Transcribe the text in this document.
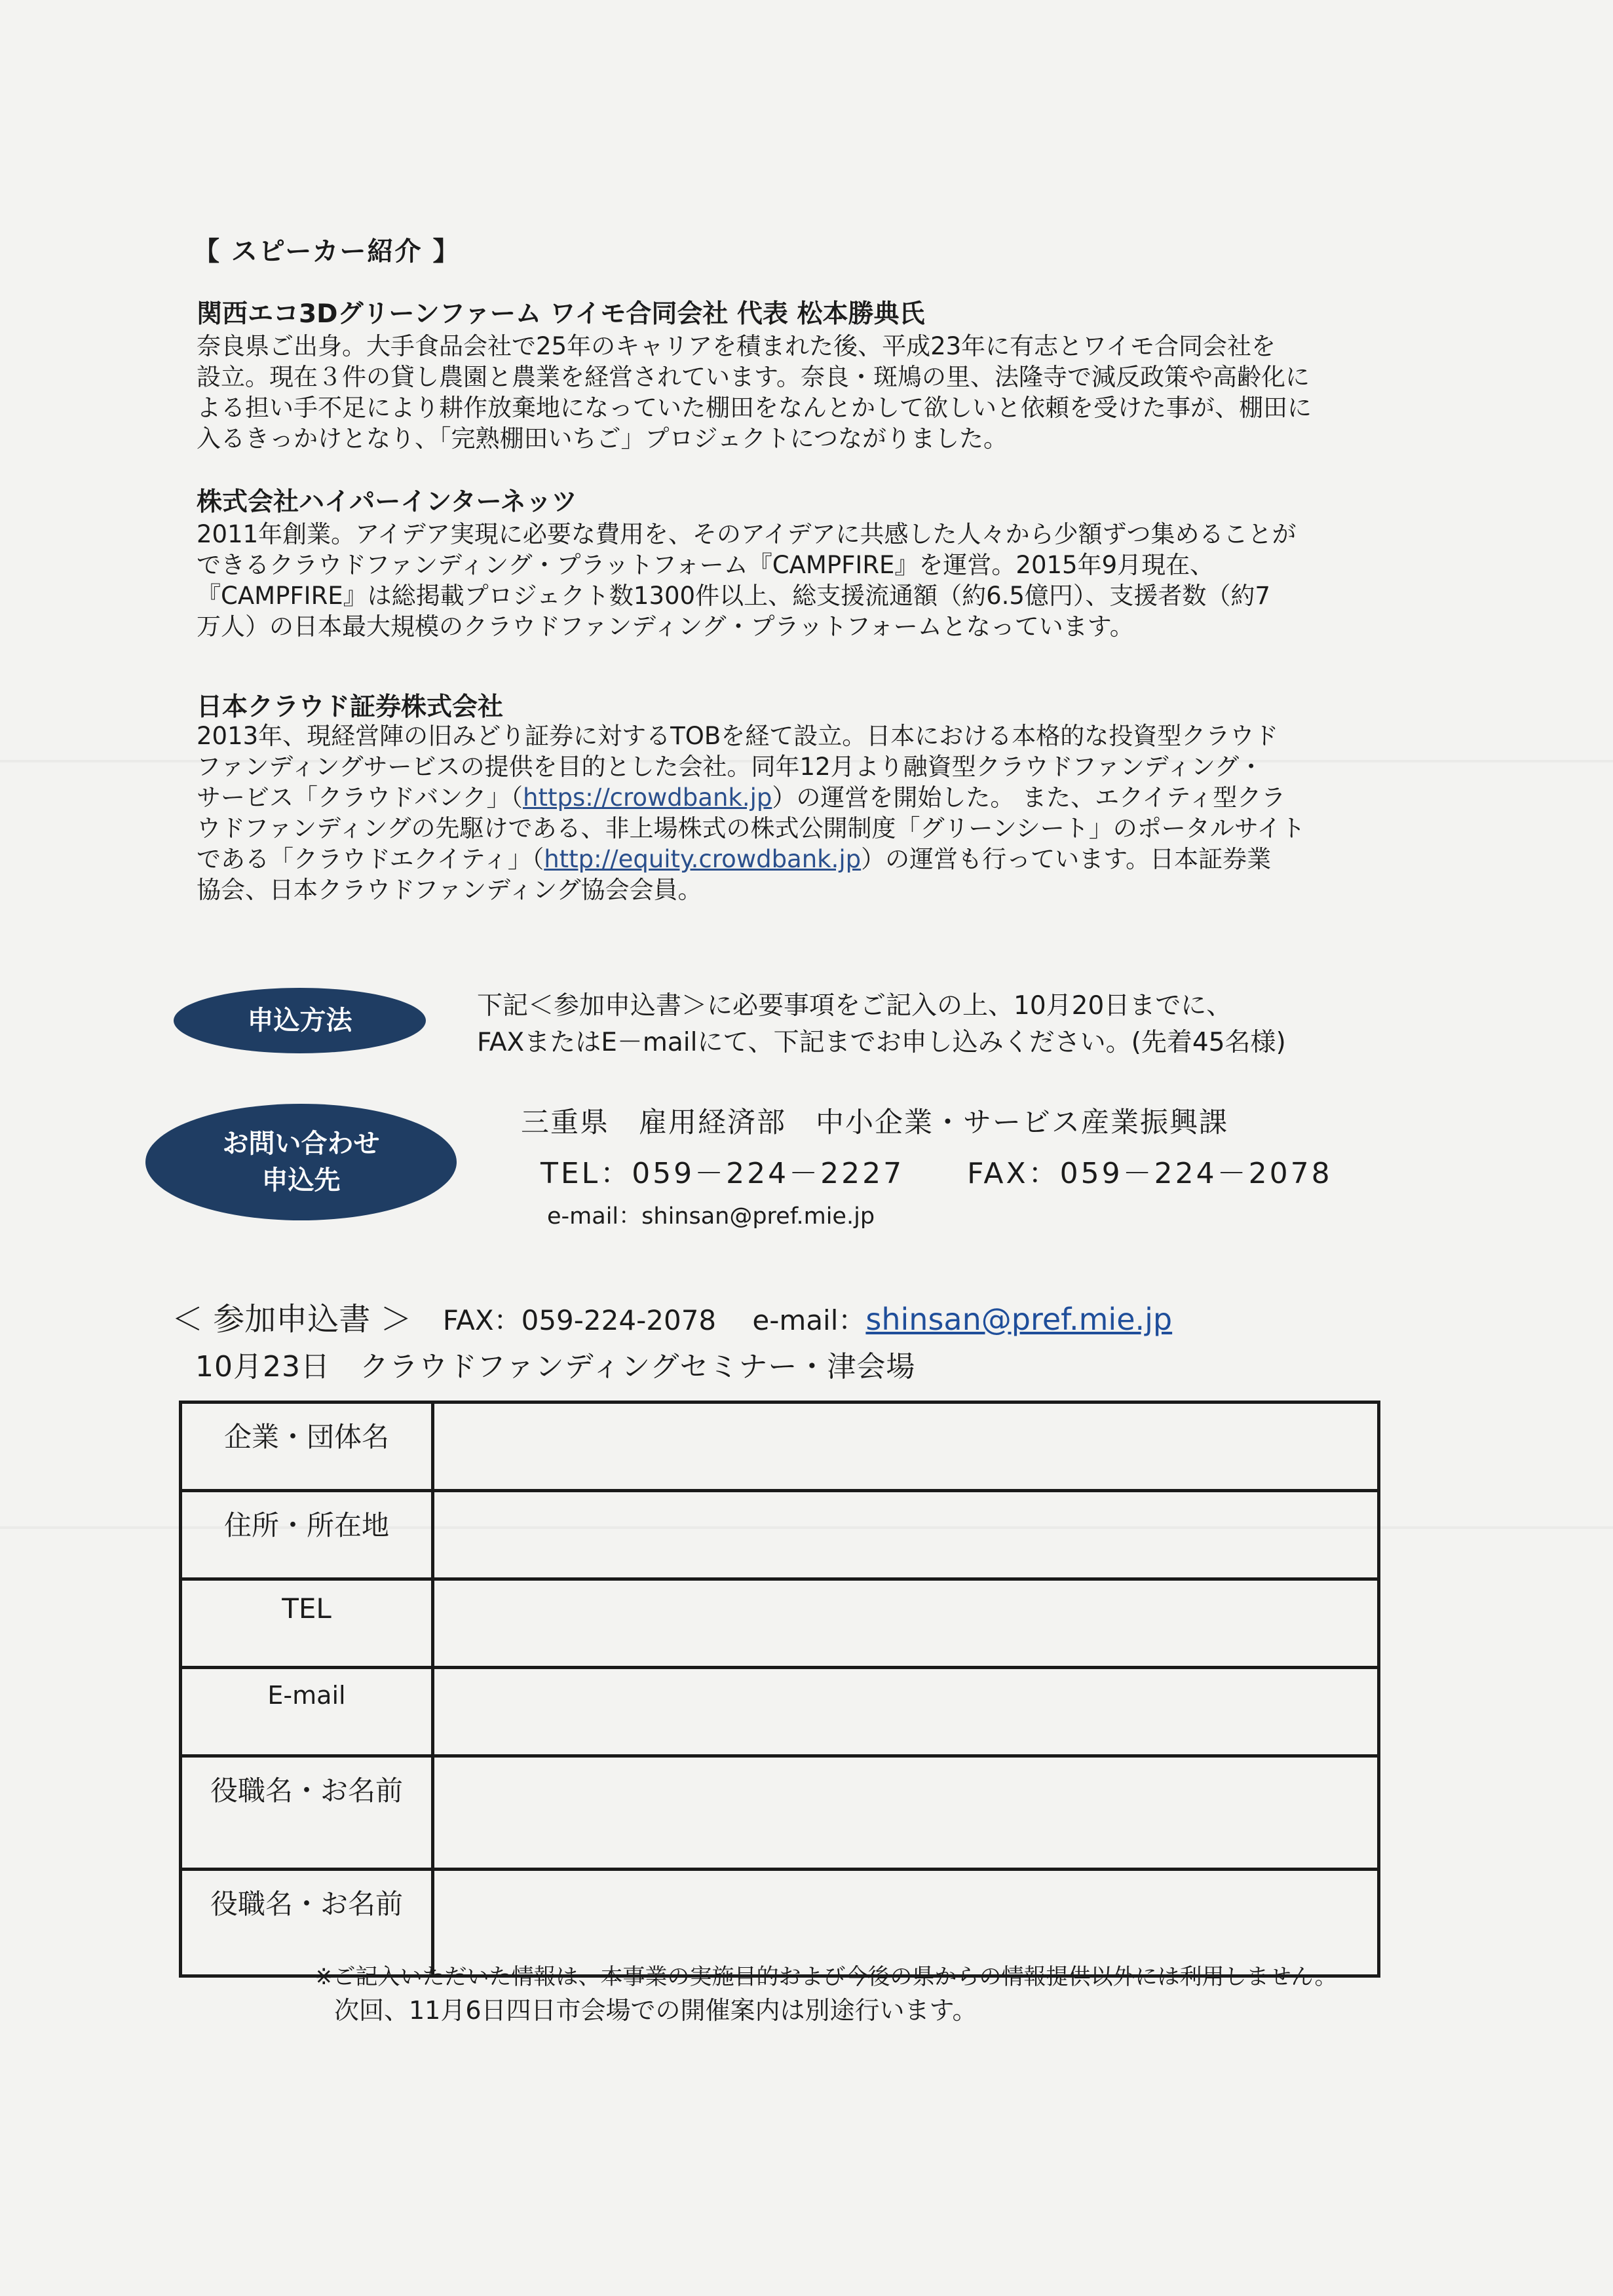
【 スピーカー紹介 】
関西エコ3Dグリーンファーム ワイモ合同会社 代表 松本勝典氏

奈良県ご出身。大手食品会社で25年のキャリアを積まれた後、平成23年に有志とワイモ合同会社を

設立。現在３件の貸し農園と農業を経営されています。奈良・斑鳩の里、法隆寺で減反政策や高齢化に

よる担い手不足により耕作放棄地になっていた棚田をなんとかして欲しいと依頼を受けた事が、棚田に

入るきっかけとなり、「完熟棚田いちご」プロジェクトにつながりました。

株式会社ハイパーインターネッツ

2011年創業。アイデア実現に必要な費用を、そのアイデアに共感した人々から少額ずつ集めることが

できるクラウドファンディング・プラットフォーム『CAMPFIRE』を運営。2015年9月現在、

『CAMPFIRE』は総掲載プロジェクト数1300件以上、総支援流通額（約6.5億円）、支援者数（約7

万人）の日本最大規模のクラウドファンディング・プラットフォームとなっています。

日本クラウド証券株式会社

2013年、現経営陣の旧みどり証券に対するTOBを経て設立。日本における本格的な投資型クラウド

ファンディングサービスの提供を目的とした会社。同年12月より融資型クラウドファンディング・

サービス「クラウドバンク」（https://crowdbank.jp）の運営を開始した。 また、エクイティ型クラ

ウドファンディングの先駆けである、非上場株式の株式公開制度「グリーンシート」のポータルサイト

である「クラウドエクイティ」（http://equity.crowdbank.jp）の運営も行っています。日本証券業

協会、日本クラウドファンディング協会会員。

申込方法	下記＜参加申込書＞に必要事項をご記入の上、10月20日までに、

FAXまたはE－mailにて、下記までお申し込みください。(先着45名様)

お問い合わせ
申込先
三重県　雇用経済部　中小企業・サービス産業振興課
TEL：059－224－2227　　FAX：059－224－2078
e-mail：shinsan@pref.mie.jp
＜ 参加申込書 ＞ FAX：059-224-2078 e-mail：shinsan@pref.mie.jp
10月23日　クラウドファンディングセミナー・津会場
企業・団体名	
住所・所在地	
TEL	
E-mail	
役職名・お名前	
役職名・お名前	
※ご記入いただいた情報は、本事業の実施目的および今後の県からの情報提供以外には利用しません。
次回、11月6日四日市会場での開催案内は別途行います。
